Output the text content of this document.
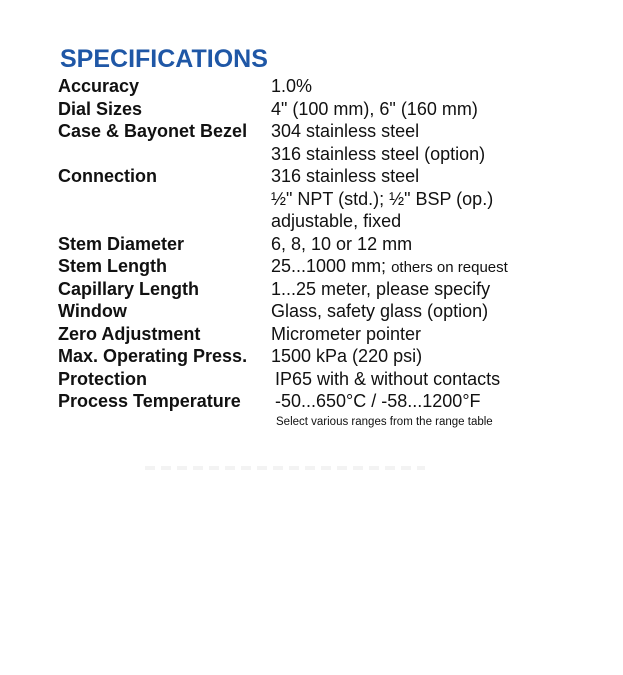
SPECIFICATIONS
Accuracy	1.0%
Dial Sizes	4" (100 mm), 6" (160 mm)
Case & Bayonet Bezel	304 stainless steel
316 stainless steel (option)
Connection	316 stainless steel
½" NPT (std.); ½" BSP (op.)
adjustable, fixed
Stem Diameter	6, 8, 10 or 12 mm
Stem Length	25...1000 mm; others on request
Capillary Length	1...25 meter, please specify
Window	Glass, safety glass (option)
Zero Adjustment	Micrometer pointer
Max. Operating Press.	1500 kPa (220 psi)
Protection	IP65 with & without contacts
Process Temperature	-50...650°C / -58...1200°F
Select various ranges from the range table
